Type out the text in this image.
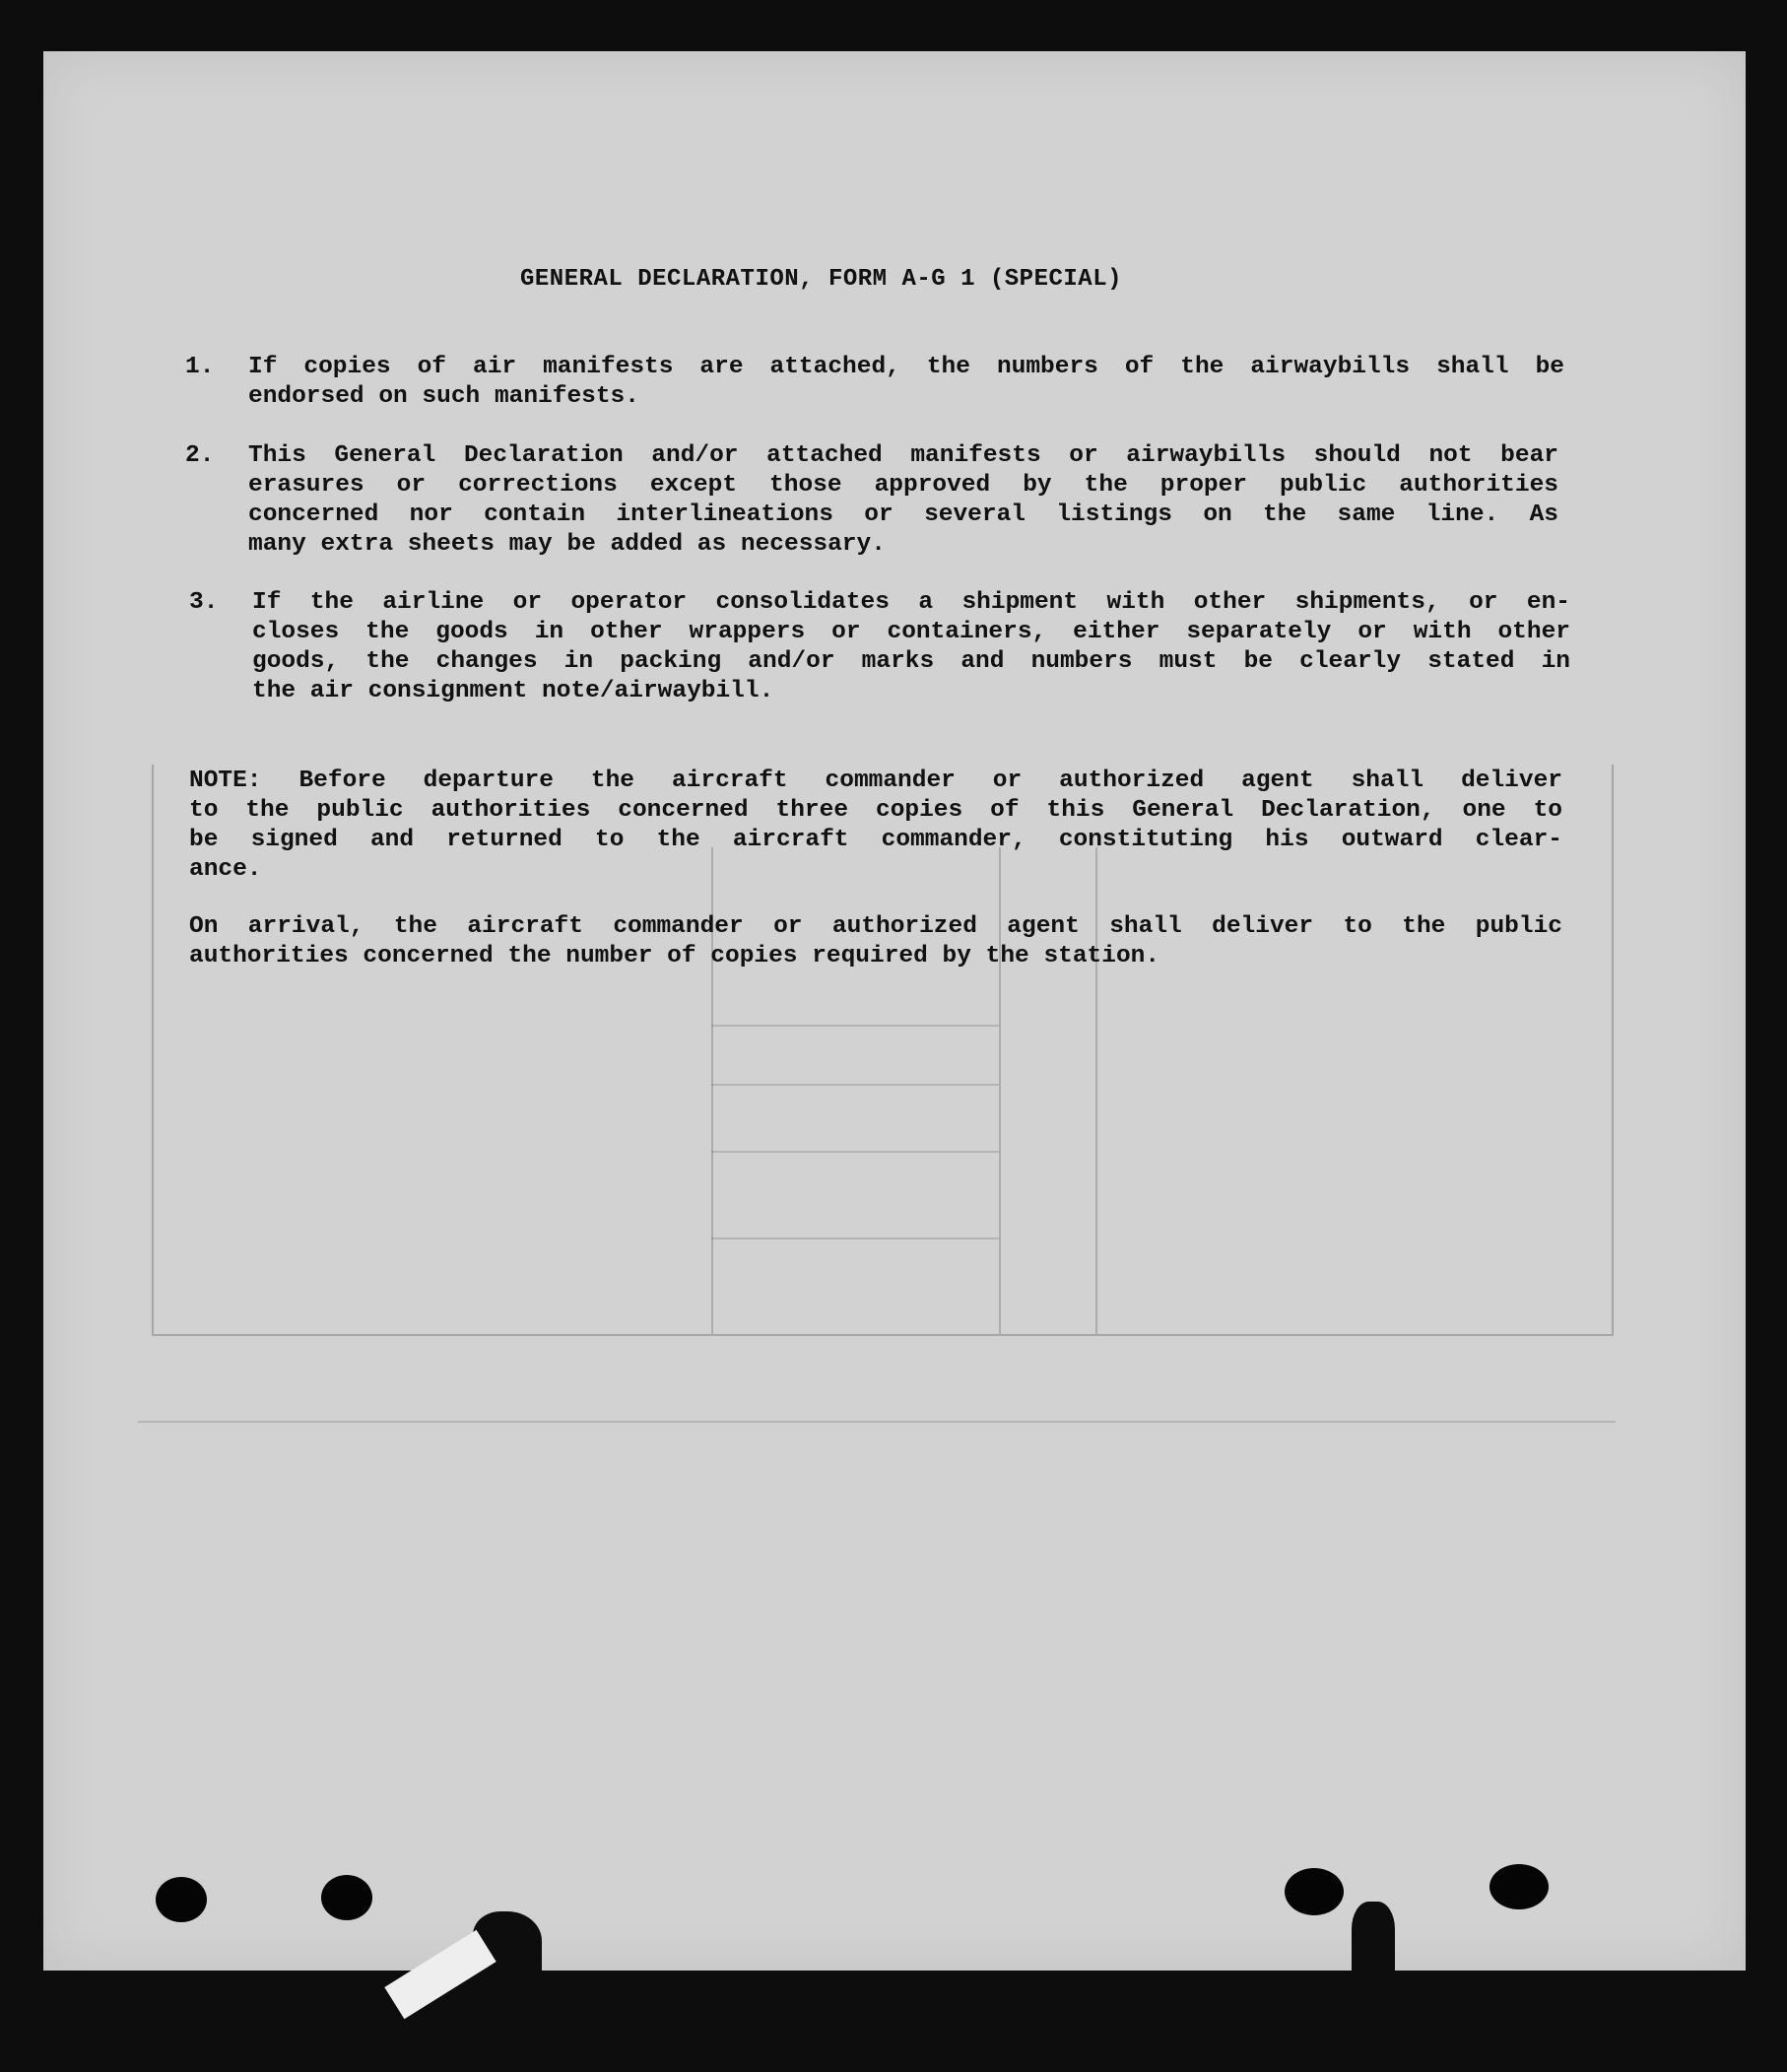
GENERAL DECLARATION, FORM A-G 1 (SPECIAL)
1.	If copies of air manifests are attached, the numbers of the airwaybills shall be
endorsed on such manifests.
2.	This General Declaration and/or attached manifests or airwaybills should not bear
erasures or corrections except those approved by the proper public authorities
concerned nor contain interlineations or several listings on the same line. As
many extra sheets may be added as necessary.
3.	If the airline or operator consolidates a shipment with other shipments, or en-
closes the goods in other wrappers or containers, either separately or with other
goods, the changes in packing and/or marks and numbers must be clearly stated in
the air consignment note/airwaybill.
NOTE: Before departure the aircraft commander or authorized agent shall deliver
to the public authorities concerned three copies of this General Declaration, one to
be signed and returned to the aircraft commander, constituting his outward clear-
ance.
On arrival, the aircraft commander or authorized agent shall deliver to the public
authorities concerned the number of copies required by the station.
